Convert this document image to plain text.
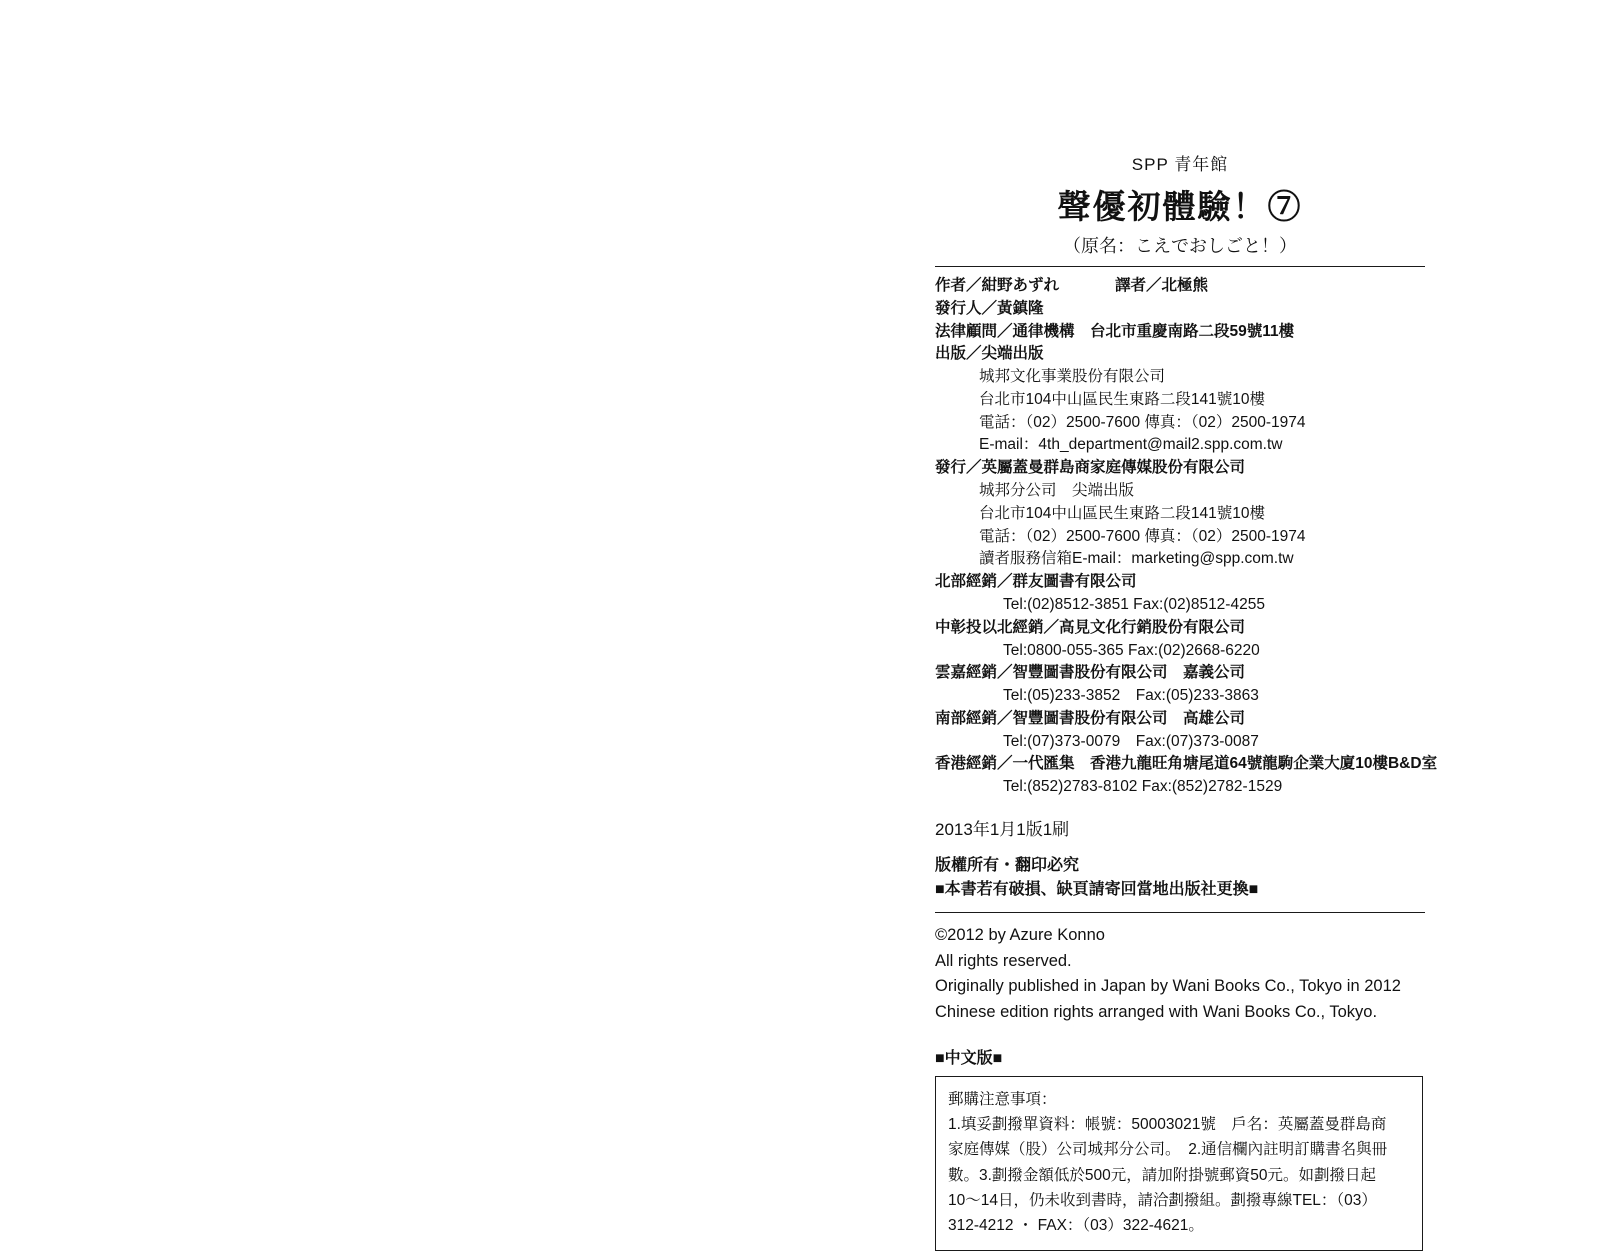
SPP 青年館
聲優初體驗！⑦
（原名：こえでおしごと！）
作者／紺野あずれ	譯者／北極熊
發行人／黃鎮隆
法律顧問／通律機構　台北市重慶南路二段59號11樓
出版／尖端出版
城邦文化事業股份有限公司
台北市104中山區民生東路二段141號10樓
電話：（02）2500-7600 傳真：（02）2500-1974
E-mail：4th_department@mail2.spp.com.tw
發行／英屬蓋曼群島商家庭傳媒股份有限公司
城邦分公司　尖端出版
台北市104中山區民生東路二段141號10樓
電話：（02）2500-7600 傳真：（02）2500-1974
讀者服務信箱E-mail：marketing@spp.com.tw
北部經銷／群友圖書有限公司
Tel:(02)8512-3851 Fax:(02)8512-4255
中彰投以北經銷／高見文化行銷股份有限公司
Tel:0800-055-365 Fax:(02)2668-6220
雲嘉經銷／智豐圖書股份有限公司　嘉義公司
Tel:(05)233-3852　Fax:(05)233-3863
南部經銷／智豐圖書股份有限公司　高雄公司
Tel:(07)373-0079　Fax:(07)373-0087
香港經銷／一代匯集　香港九龍旺角塘尾道64號龍駒企業大廈10樓B&D室
Tel:(852)2783-8102 Fax:(852)2782-1529
2013年1月1版1刷
版權所有・翻印必究
■本書若有破損、缺頁請寄回當地出版社更換■
©2012 by Azure Konno
All rights reserved.
Originally published in Japan by Wani Books Co., Tokyo in 2012
Chinese edition rights arranged with Wani Books Co., Tokyo.
■中文版■
郵購注意事項：
1.填妥劃撥單資料：帳號：50003021號　戶名：英屬蓋曼群島商
家庭傳媒（股）公司城邦分公司。　2.通信欄內註明訂購書名與冊
數。3.劃撥金額低於500元，請加附掛號郵資50元。如劃撥日起
10～14日，仍未收到書時，請洽劃撥組。劃撥專線TEL：（03）
312-4212 ・ FAX：（03）322-4621。
